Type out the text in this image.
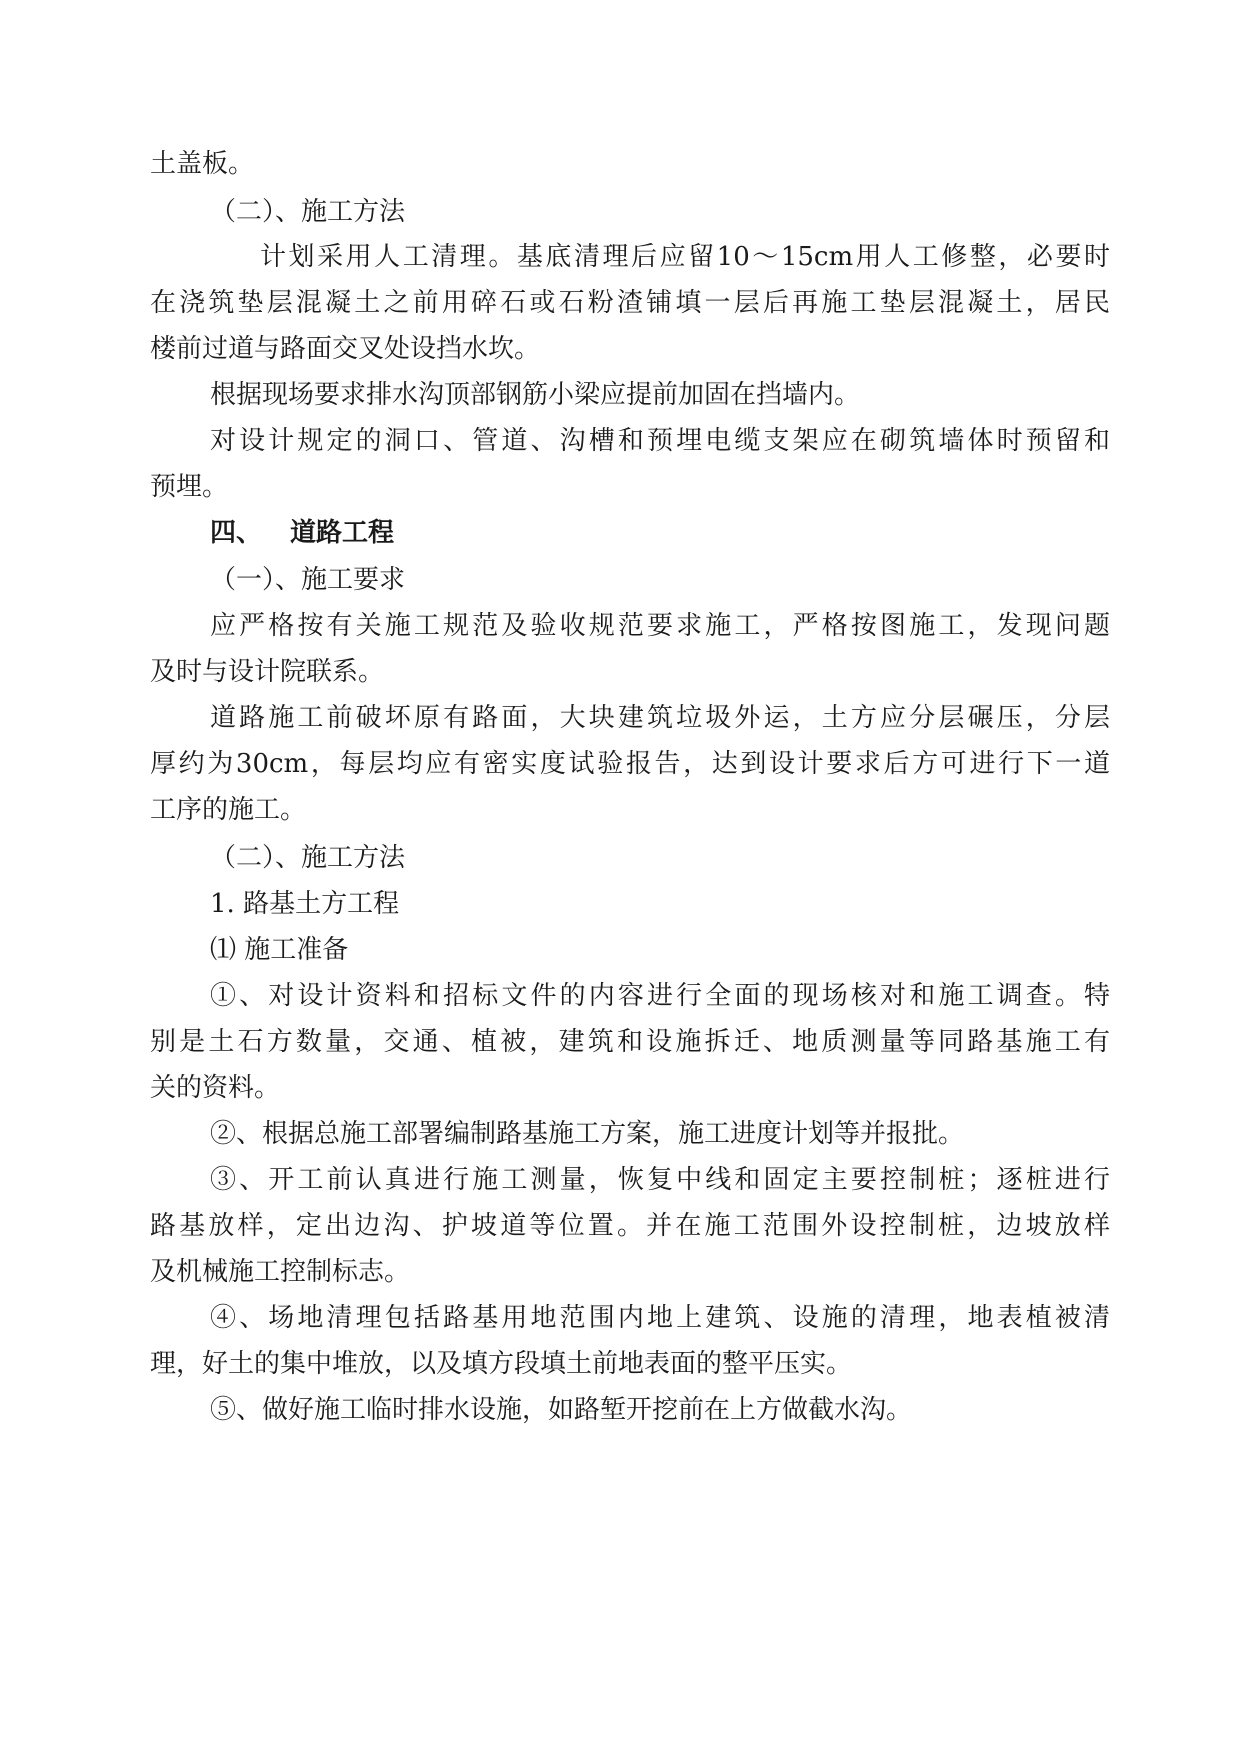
土盖板。
（二）、施工方法
计划采用人工清理。基底清理后应留10～15cm用人工修整，必要时
在浇筑垫层混凝土之前用碎石或石粉渣铺填一层后再施工垫层混凝土，居民
楼前过道与路面交叉处设挡水坎。
根据现场要求排水沟顶部钢筋小梁应提前加固在挡墙内。
对设计规定的洞口、管道、沟槽和预埋电缆支架应在砌筑墙体时预留和
预埋。
四、 道路工程
（一）、施工要求
应严格按有关施工规范及验收规范要求施工，严格按图施工，发现问题
及时与设计院联系。
道路施工前破坏原有路面，大块建筑垃圾外运，土方应分层碾压，分层
厚约为30cm，每层均应有密实度试验报告，达到设计要求后方可进行下一道
工序的施工。
（二）、施工方法
1. 路基土方工程
⑴ 施工准备
①、对设计资料和招标文件的内容进行全面的现场核对和施工调查。特
别是土石方数量，交通、植被，建筑和设施拆迁、地质测量等同路基施工有
关的资料。
②、根据总施工部署编制路基施工方案，施工进度计划等并报批。
③、开工前认真进行施工测量，恢复中线和固定主要控制桩；逐桩进行
路基放样，定出边沟、护坡道等位置。并在施工范围外设控制桩，边坡放样
及机械施工控制标志。
④、场地清理包括路基用地范围内地上建筑、设施的清理，地表植被清
理，好土的集中堆放，以及填方段填土前地表面的整平压实。
⑤、做好施工临时排水设施，如路堑开挖前在上方做截水沟。
